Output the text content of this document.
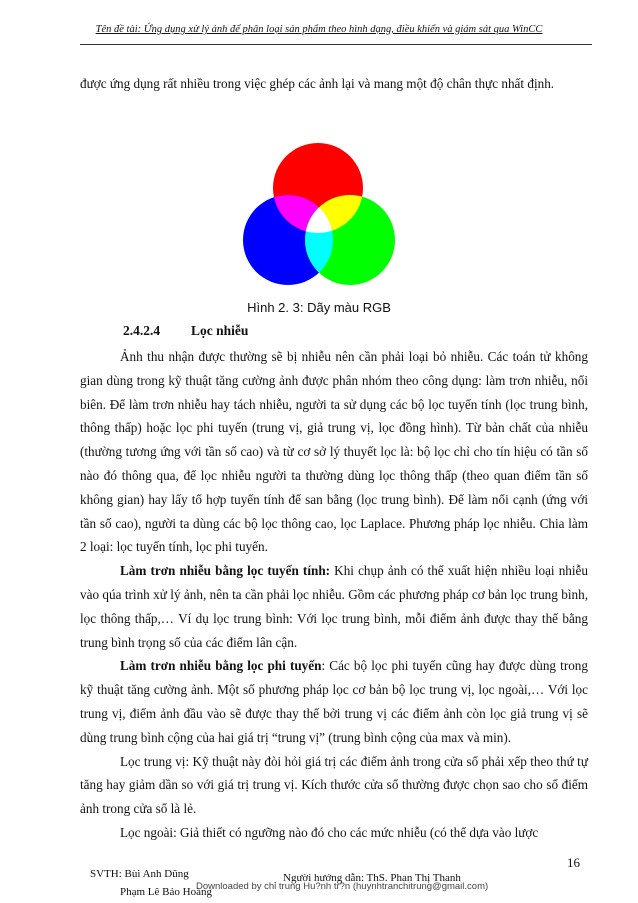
Tên đề tài: Ứng dụng xử lý ảnh để phân loại sản phẩm theo hình dạng, điều khiển và giám sát qua WinCC

được ứng dụng rất nhiều trong việc ghép các ảnh lại và mang một độ chân thực nhất định.

Hình 2. 3: Dãy màu RGB
2.4.2.4 Lọc nhiễu
Ảnh thu nhận được thường sẽ bị nhiễu nên cần phải loại bỏ nhiễu. Các toán tử không gian dùng trong kỹ thuật tăng cường ảnh được phân nhóm theo công dụng: làm trơn nhiễu, nổi biên. Để làm trơn nhiễu hay tách nhiễu, người ta sử dụng các bộ lọc tuyến tính (lọc trung bình, thông thấp) hoặc lọc phi tuyến (trung vị, giả trung vị, lọc đồng hình). Từ bản chất của nhiễu (thường tương ứng với tần số cao) và từ cơ sở lý thuyết lọc là: bộ lọc chỉ cho tín hiệu có tần số nào đó thông qua, để lọc nhiễu người ta thường dùng lọc thông thấp (theo quan điểm tần số không gian) hay lấy tổ hợp tuyến tính để san bằng (lọc trung bình). Để làm nổi cạnh (ứng với tần số cao), người ta dùng các bộ lọc thông cao, lọc Laplace. Phương pháp lọc nhiễu. Chia làm 2 loại: lọc tuyến tính, lọc phi tuyến.
Làm trơn nhiễu bằng lọc tuyến tính: Khi chụp ảnh có thể xuất hiện nhiều loại nhiễu vào qúa trình xử lý ảnh, nên ta cần phải lọc nhiễu. Gồm các phương pháp cơ bản lọc trung bình, lọc thông thấp,… Ví dụ lọc trung bình: Với lọc trung bình, mỗi điểm ảnh được thay thế bằng trung bình trọng số của các điểm lân cận.
Làm trơn nhiễu bằng lọc phi tuyến: Các bộ lọc phi tuyến cũng hay được dùng trong kỹ thuật tăng cường ảnh. Một số phương pháp lọc cơ bản bộ lọc trung vị, lọc ngoài,… Với lọc trung vị, điểm ảnh đầu vào sẽ được thay thế bởi trung vị các điểm ảnh còn lọc giả trung vị sẽ dùng trung bình cộng của hai giá trị “trung vị” (trung bình cộng của max và min).
Lọc trung vị: Kỹ thuật này đòi hỏi giá trị các điểm ảnh trong cửa sổ phải xếp theo thứ tự tăng hay giảm dần so với giá trị trung vị. Kích thước cửa sổ thường được chọn sao cho số điểm ảnh trong cửa sổ là lẻ.
Lọc ngoài: Giả thiết có ngưỡng nào đó cho các mức nhiễu (có thể dựa vào lược
16
SVTH: Bùi Anh Dũng
Phạm Lê Bảo Hoàng
Người hướng dẫn: ThS. Phan Thị Thanh
Downloaded by chỉ trung Hu?nh tr?n (huynhtranchitrung@gmail.com)
